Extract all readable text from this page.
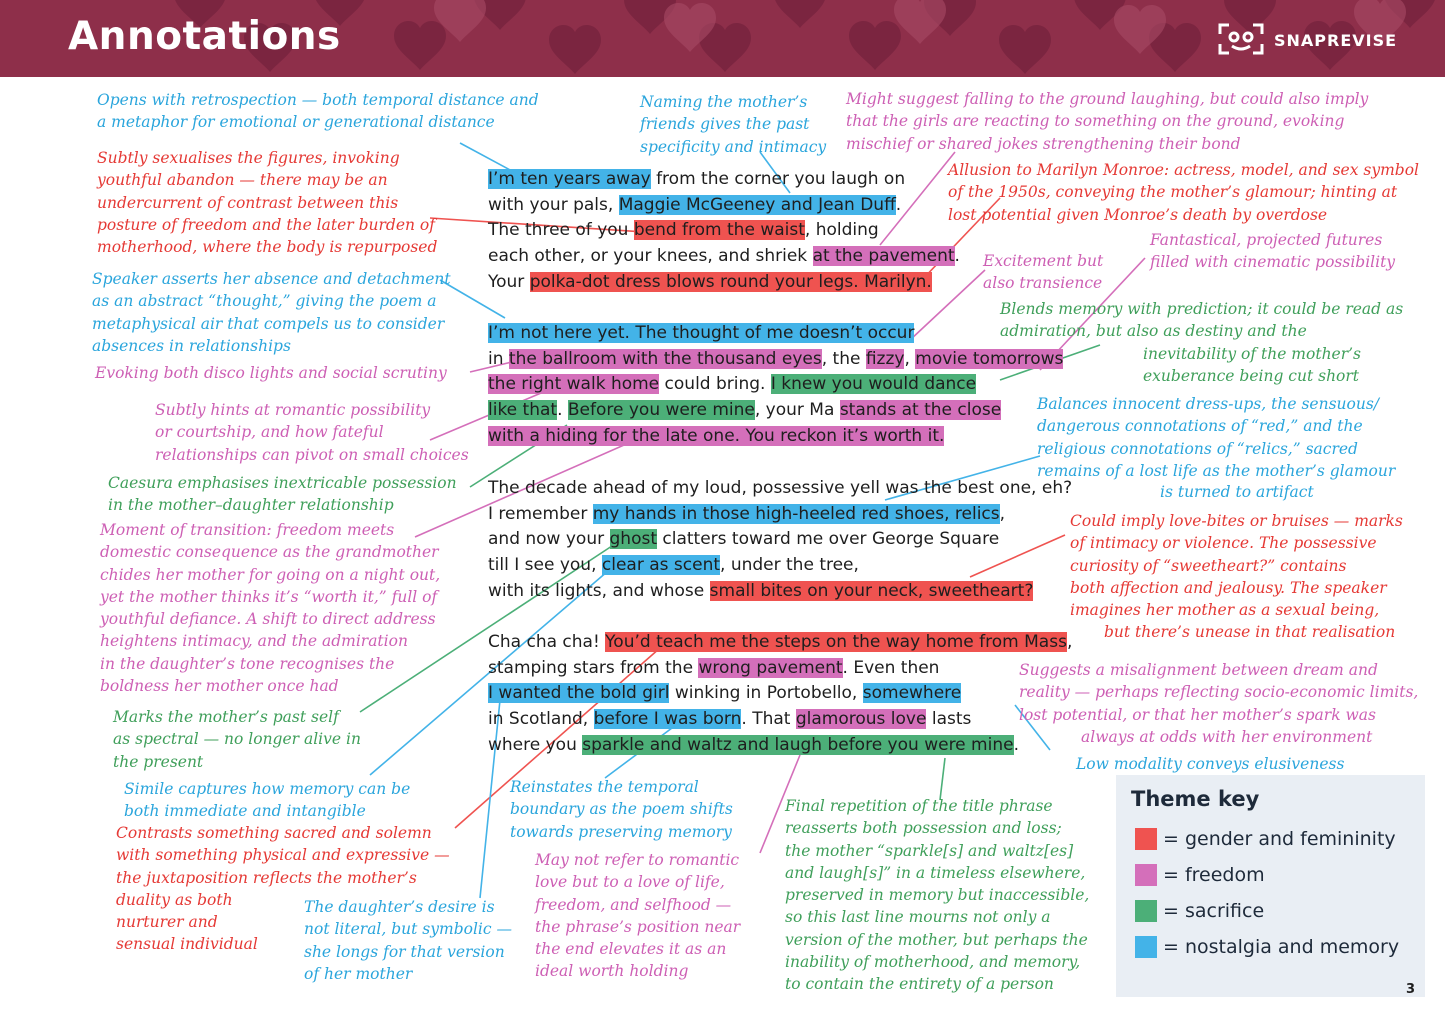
Annotations	SNAPREVISE
I’m ten years away from the corner you laugh on
with your pals, Maggie McGeeney and Jean Duff.
The three of you bend from the waist, holding
each other, or your knees, and shriek at the pavement.
Your polka-dot dress blows round your legs. Marilyn.
I’m not here yet. The thought of me doesn’t occur
in the ballroom with the thousand eyes, the fizzy, movie tomorrows
the right walk home could bring. I knew you would dance
like that. Before you were mine, your Ma stands at the close
with a hiding for the late one. You reckon it’s worth it.
The decade ahead of my loud, possessive yell was the best one, eh?
I remember my hands in those high-heeled red shoes, relics,
and now your ghost clatters toward me over George Square
till I see you, clear as scent, under the tree,
with its lights, and whose small bites on your neck, sweetheart?
Cha cha cha! You’d teach me the steps on the way home from Mass,
stamping stars from the wrong pavement. Even then
I wanted the bold girl winking in Portobello, somewhere
in Scotland, before I was born. That glamorous love lasts
where you sparkle and waltz and laugh before you were mine.

Opens with retrospection — both temporal distance and
a metaphor for emotional or generational distance

Naming the mother’s
friends gives the past
specificity and intimacy

Might suggest falling to the ground laughing, but could also imply
that the girls are reacting to something on the ground, evoking
mischief or shared jokes strengthening their bond

Subtly sexualises the figures, invoking
youthful abandon — there may be an
undercurrent of contrast between this
posture of freedom and the later burden of
motherhood, where the body is repurposed

Allusion to Marilyn Monroe: actress, model, and sex symbol
of the 1950s, conveying the mother’s glamour; hinting at
lost potential given Monroe’s death by overdose

Fantastical, projected futures
filled with cinematic possibility

Excitement but
also transience

Speaker asserts her absence and detachment
as an abstract “thought,” giving the poem a
metaphysical air that compels us to consider
absences in relationships

Blends memory with prediction; it could be read as
admiration, but also as destiny and the

inevitability of the mother’s
exuberance being cut short

Evoking both disco lights and social scrutiny

Subtly hints at romantic possibility
or courtship, and how fateful
relationships can pivot on small choices

Balances innocent dress-ups, the sensuous/
dangerous connotations of “red,” and the
religious connotations of “relics,” sacred
remains of a lost life as the mother’s glamour

is turned to artifact

Caesura emphasises inextricable possession
in the mother–daughter relationship

Moment of transition: freedom meets
domestic consequence as the grandmother
chides her mother for going on a night out,
yet the mother thinks it’s “worth it,” full of
youthful defiance. A shift to direct address
heightens intimacy, and the admiration
in the daughter’s tone recognises the
boldness her mother once had

Could imply love-bites or bruises — marks
of intimacy or violence. The possessive
curiosity of “sweetheart?” contains
both affection and jealousy. The speaker
imagines her mother as a sexual being,

but there’s unease in that realisation

Suggests a misalignment between dream and
reality — perhaps reflecting socio-economic limits,
lost potential, or that her mother’s spark was

always at odds with her environment

Marks the mother’s past self
as spectral — no longer alive in
the present	Low modality conveys elusiveness

Simile captures how memory can be
both immediate and intangible

Reinstates the temporal
boundary as the poem shifts
towards preserving memory

Final repetition of the title phrase
reasserts both possession and loss;
the mother “sparkle[s] and waltz[es]
and laugh[s]” in a timeless elsewhere,
preserved in memory but inaccessible,
so this last line mourns not only a
version of the mother, but perhaps the
inability of motherhood, and memory,
to contain the entirety of a person

Contrasts something sacred and solemn
with something physical and expressive —
the juxtaposition reflects the mother’s
duality as both
nurturer and
sensual individual

May not refer to romantic
love but to a love of life,
freedom, and selfhood —
the phrase’s position near
the end elevates it as an
ideal worth holding

The daughter’s desire is
not literal, but symbolic —
she longs for that version
of her mother

Theme key
= gender and femininity
= freedom
= sacrifice
= nostalgia and memory
3
